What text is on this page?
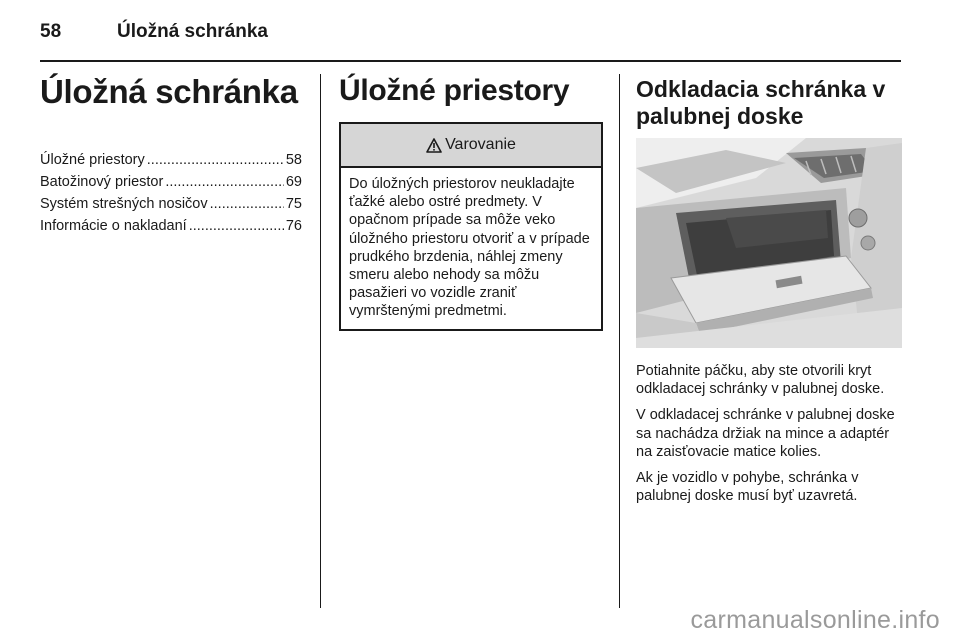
58	Úložná schránka
Úložná schránka
Úložné priestory .....	58
Batožinový priestor .....	69
Systém strešných nosičov .....	75
Informácie o nakladaní .....	76
Úložné priestory
Varovanie
Do úložných priestorov neukladajte ťažké alebo ostré predmety. V opačnom prípade sa môže veko úložného priestoru otvoriť a v prípade prudkého brzdenia, náhlej zmeny smeru alebo nehody sa môžu pasažieri vo vozidle zraniť vymrštenými predmetmi.
Odkladacia schránka v palubnej doske

Potiahnite páčku, aby ste otvorili kryt odkladacej schránky v palubnej doske.

V odkladacej schránke v palubnej doske sa nachádza držiak na mince a adaptér na zaisťovacie matice kolies.

Ak je vozidlo v pohybe, schránka v palubnej doske musí byť uzavretá.

carmanualsonline.info
